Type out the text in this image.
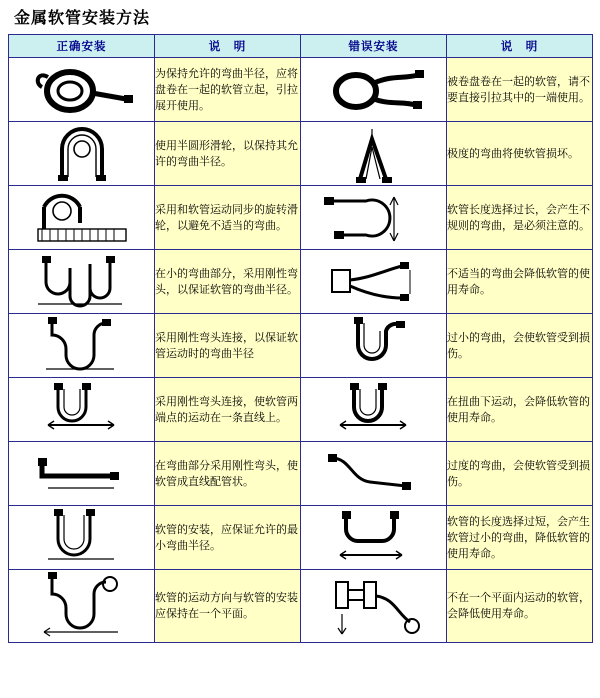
金属软管安装方法
正确安装	说　明	错误安装	说　明

	为保持允许的弯曲半径，应将盘卷在一起的软管立起，引拉展开使用。		被卷盘卷在一起的软管，请不要直接引拉其中的一端使用。

	使用半圆形滑轮，以保持其允许的弯曲半径。		极度的弯曲将使软管损坏。

	采用和软管运动同步的旋转滑轮，以避免不适当的弯曲。		软管长度选择过长，会产生不规则的弯曲，是必须注意的。

	在小的弯曲部分，采用刚性弯头，以保证软管的弯曲半径。		不适当的弯曲会降低软管的使用寿命。

	采用刚性弯头连接，以保证软管运动时的弯曲半径		过小的弯曲，会使软管受到损伤。

	采用刚性弯头连接，使软管两端点的运动在一条直线上。		在扭曲下运动，会降低软管的使用寿命。

	在弯曲部分采用刚性弯头，使软管成直线配管状。		过度的弯曲，会使软管受到损伤。

	软管的安装，应保证允许的最小弯曲半径。		软管的长度选择过短，会产生软管过小的弯曲，降低软管的使用寿命。

	软管的运动方向与软管的安装应保持在一个平面。		不在一个平面内运动的软管，会降低使用寿命。
